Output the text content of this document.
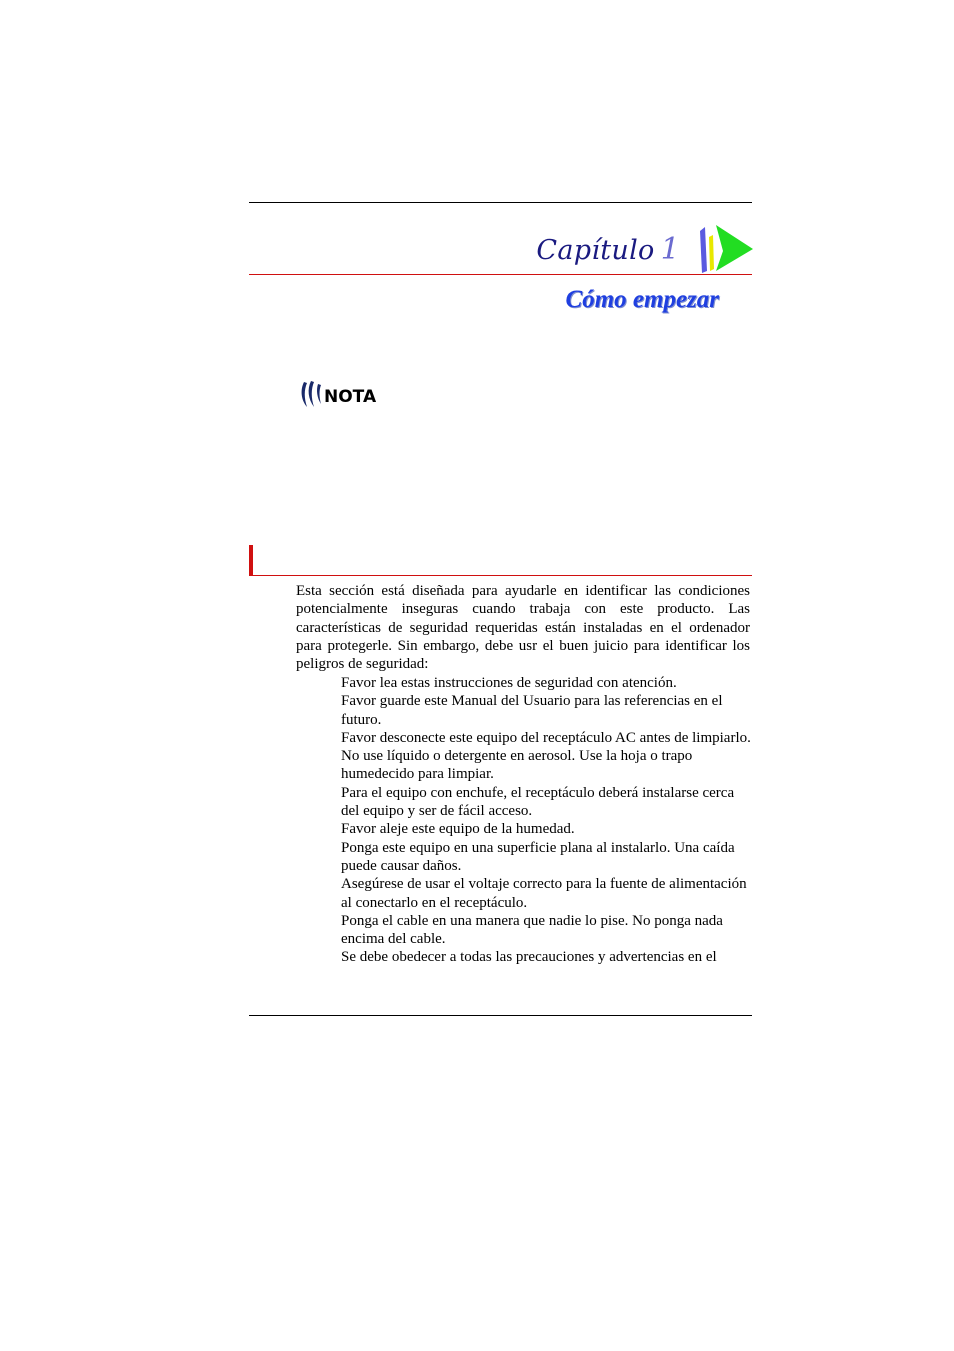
Capítulo 1
Cómo empezar
NOTA

Esta sección está diseñada para ayudarle en identificar las condiciones potencialmente inseguras cuando trabaja con este producto. Las características de seguridad requeridas están instaladas en el ordenador para protegerle. Sin embargo, debe usr el buen juicio para identificar los peligros de seguridad:

Favor lea estas instrucciones de seguridad con atención.
Favor guarde este Manual del Usuario para las referencias en el futuro.
Favor desconecte este equipo del receptáculo AC antes de limpiarlo. No use líquido o detergente en aerosol. Use la hoja o trapo humedecido para limpiar.
Para el equipo con enchufe, el receptáculo deberá instalarse cerca del equipo y ser de fácil acceso.
Favor aleje este equipo de la humedad.
Ponga este equipo en una superficie plana al instalarlo. Una caída puede causar daños.
Asegúrese de usar el voltaje correcto para la fuente de alimentación al conectarlo en el receptáculo.
Ponga el cable en una manera que nadie lo pise. No ponga nada encima del cable.
Se debe obedecer a todas las precauciones y advertencias en el
